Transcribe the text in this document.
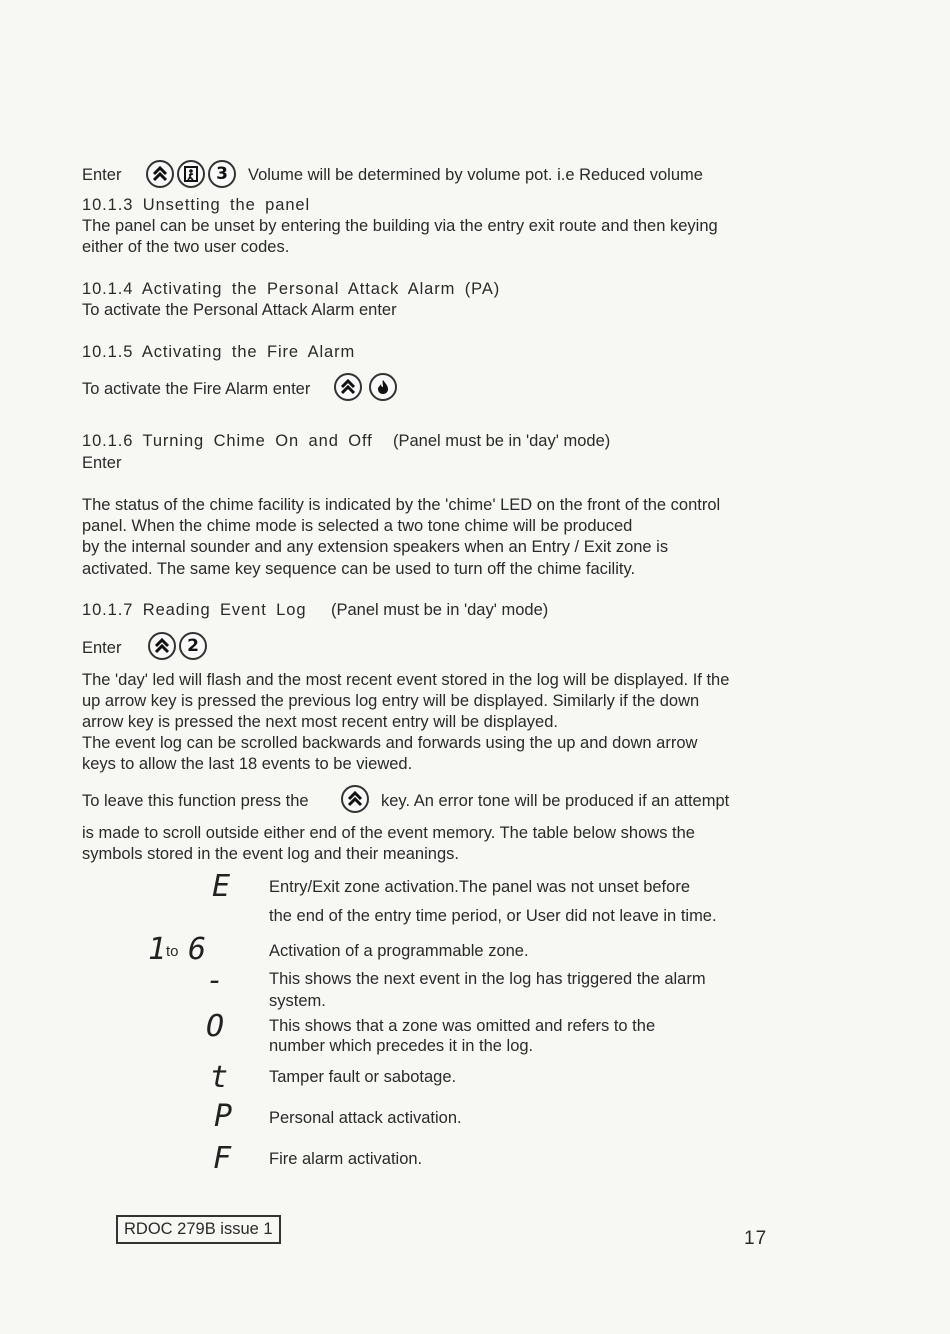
Enter	3 Volume will be determined by volume pot. i.e Reduced volume
10.1.3 Unsetting the panel
The panel can be unset by entering the building via the entry exit route and then keying
either of the two user codes.
10.1.4 Activating the Personal Attack Alarm (PA)
To activate the Personal Attack Alarm enter
10.1.5 Activating the Fire Alarm
To activate the Fire Alarm enter
10.1.6 Turning Chime On and Off (Panel must be in 'day' mode)
Enter
The status of the chime facility is indicated by the 'chime' LED on the front of the control
panel. When the chime mode is selected a two tone chime will be produced
by the internal sounder and any extension speakers when an Entry / Exit zone is
activated. The same key sequence can be used to turn off the chime facility.
10.1.7 Reading Event Log (Panel must be in 'day' mode)
Enter	2
The 'day' led will flash and the most recent event stored in the log will be displayed. If the
up arrow key is pressed the previous log entry will be displayed. Similarly if the down
arrow key is pressed the next most recent entry will be displayed.
The event log can be scrolled backwards and forwards using the up and down arrow
keys to allow the last 18 events to be viewed.
To leave this function press the	key. An error tone will be produced if an attempt
is made to scroll outside either end of the event memory. The table below shows the
symbols stored in the event log and their meanings.
E Entry/Exit zone activation.The panel was not unset before
the end of the entry time period, or User did not leave in time.
1 to 6	Activation of a programmable zone.
-	This shows the next event in the log has triggered the alarm
system.
O	This shows that a zone was omitted and refers to the
number which precedes it in the log.
t Tamper fault or sabotage.
P Personal attack activation.
F Fire alarm activation.
RDOC 279B issue 1	17
